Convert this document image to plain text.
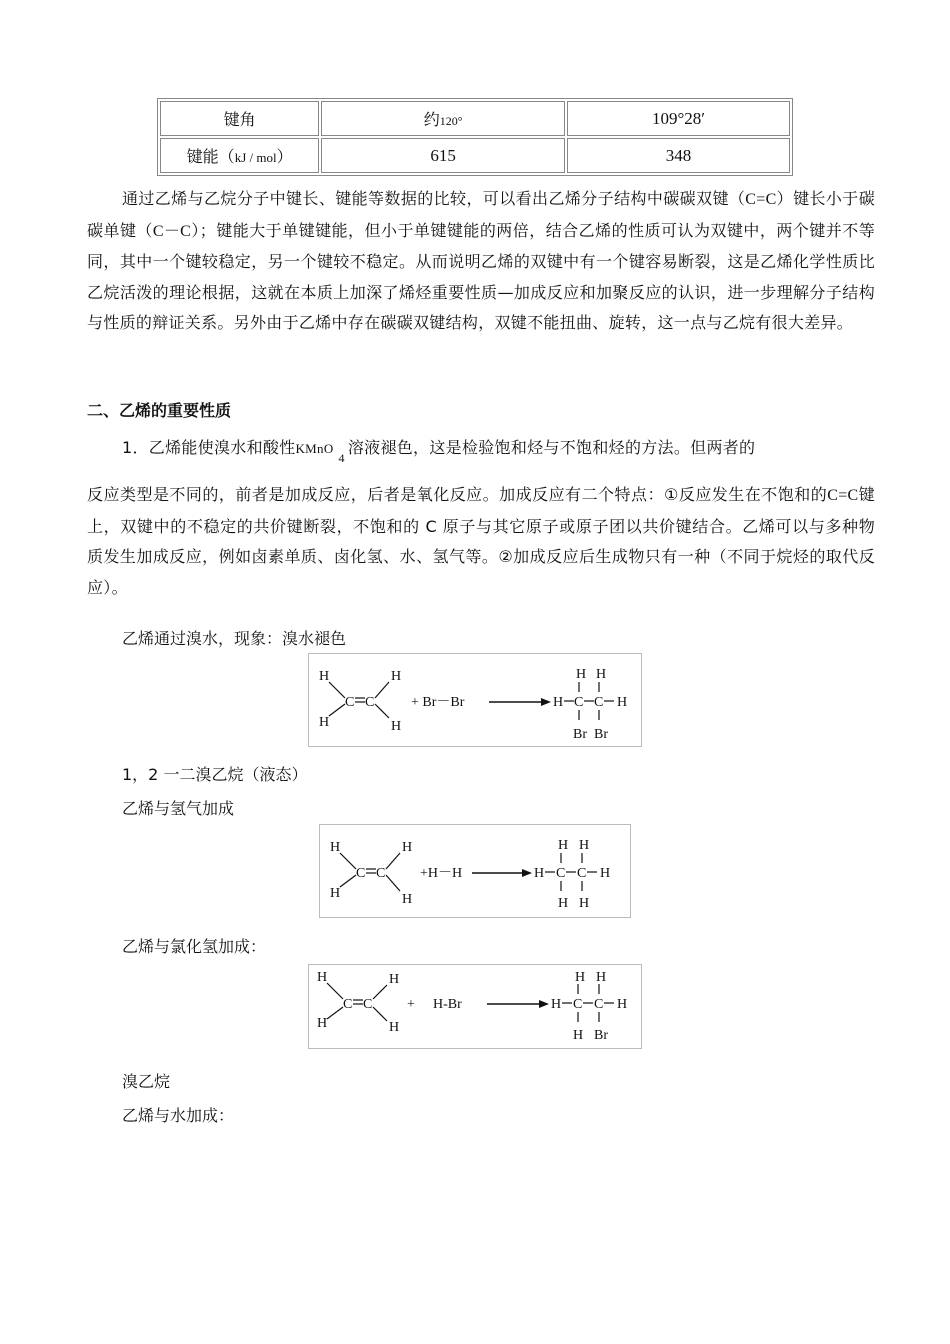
键角	约120°	109°28′
键能（kJ / mol）	615	348
通过乙烯与乙烷分子中键长、键能等数据的比较，可以看出乙烯分子结构中碳碳双键（C=C）键长小于碳碳单键（C－C）；键能大于单键键能，但小于单键键能的两倍，结合乙烯的性质可认为双键中，两个键并不等同，其中一个键较稳定，另一个键较不稳定。从而说明乙烯的双键中有一个键容易断裂，这是乙烯化学性质比乙烷活泼的理论根据，这就在本质上加深了烯烃重要性质—加成反应和加聚反应的认识，进一步理解分子结构与性质的辩证关系。另外由于乙烯中存在碳碳双键结构，双键不能扭曲、旋转，这一点与乙烷有很大差异。
二、乙烯的重要性质
1．乙烯能使溴水和酸性KMnO$_4$溶液褪色，这是检验饱和烃与不饱和烃的方法。但两者的
反应类型是不同的，前者是加成反应，后者是氧化反应。加成反应有二个特点：①反应发生在不饱和的C=C键上，双键中的不稳定的共价键断裂，不饱和的 C 原子与其它原子或原子团以共价键结合。乙烯可以与多种物质发生加成反应，例如卤素单质、卤化氢、水、氢气等。②加成反应后生成物只有一种（不同于烷烃的取代反应）。
乙烯通过溴水，现象：溴水褪色
H
H
H
H
C C	+ Br－Br	H C C H
H H
Br Br
1，2 一二溴乙烷（液态）
乙烯与氢气加成
H
H
H
H
C C +H－H	H C C H
H H
H H
乙烯与氯化氢加成：
H
H
H
H
C C + H-Br	H C C H
H H
H Br
溴乙烷
乙烯与水加成：
